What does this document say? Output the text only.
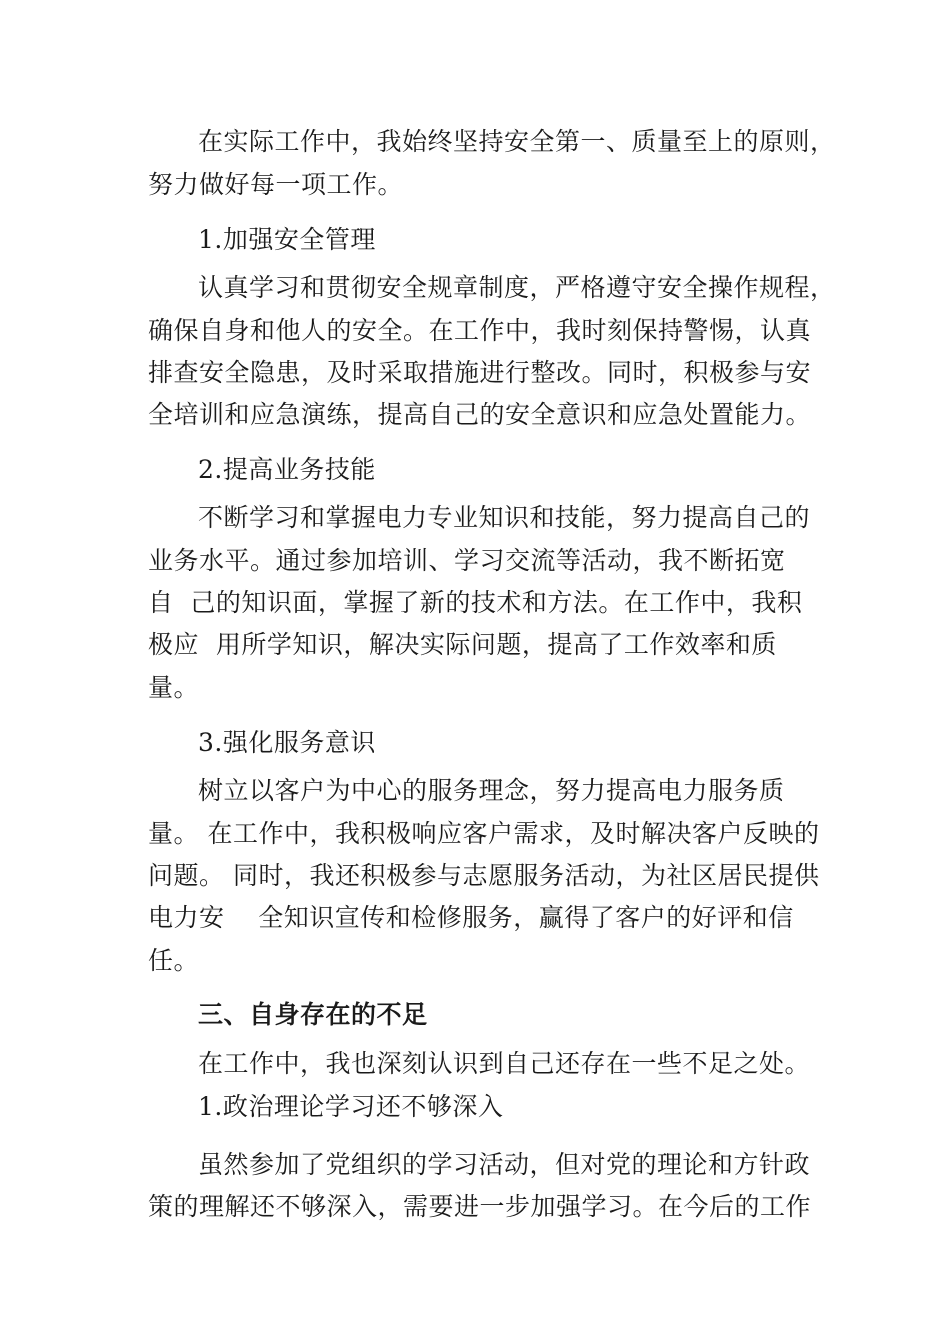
在实际工作中，我始终坚持安全第一、质量至上的原则，
努力做好每一项工作。
1.加强安全管理
认真学习和贯彻安全规章制度，严格遵守安全操作规程，
确保自身和他人的安全。在工作中，我时刻保持警惕，认真
排查安全隐患，及时采取措施进行整改。同时，积极参与安
全培训和应急演练，提高自己的安全意识和应急处置能力。
2.提高业务技能
不断学习和掌握电力专业知识和技能，努力提高自己的
业务水平。通过参加培训、学习交流等活动，我不断拓宽
自  己的知识面，掌握了新的技术和方法。在工作中，我积
极应  用所学知识，解决实际问题，提高了工作效率和质
量。
3.强化服务意识
树立以客户为中心的服务理念，努力提高电力服务质
量。 在工作中，我积极响应客户需求，及时解决客户反映的
问题。 同时，我还积极参与志愿服务活动，为社区居民提供
电力安    全知识宣传和检修服务，赢得了客户的好评和信
任。
三、自身存在的不足
在工作中，我也深刻认识到自己还存在一些不足之处。
1.政治理论学习还不够深入
虽然参加了党组织的学习活动，但对党的理论和方针政
策的理解还不够深入，需要进一步加强学习。在今后的工作
